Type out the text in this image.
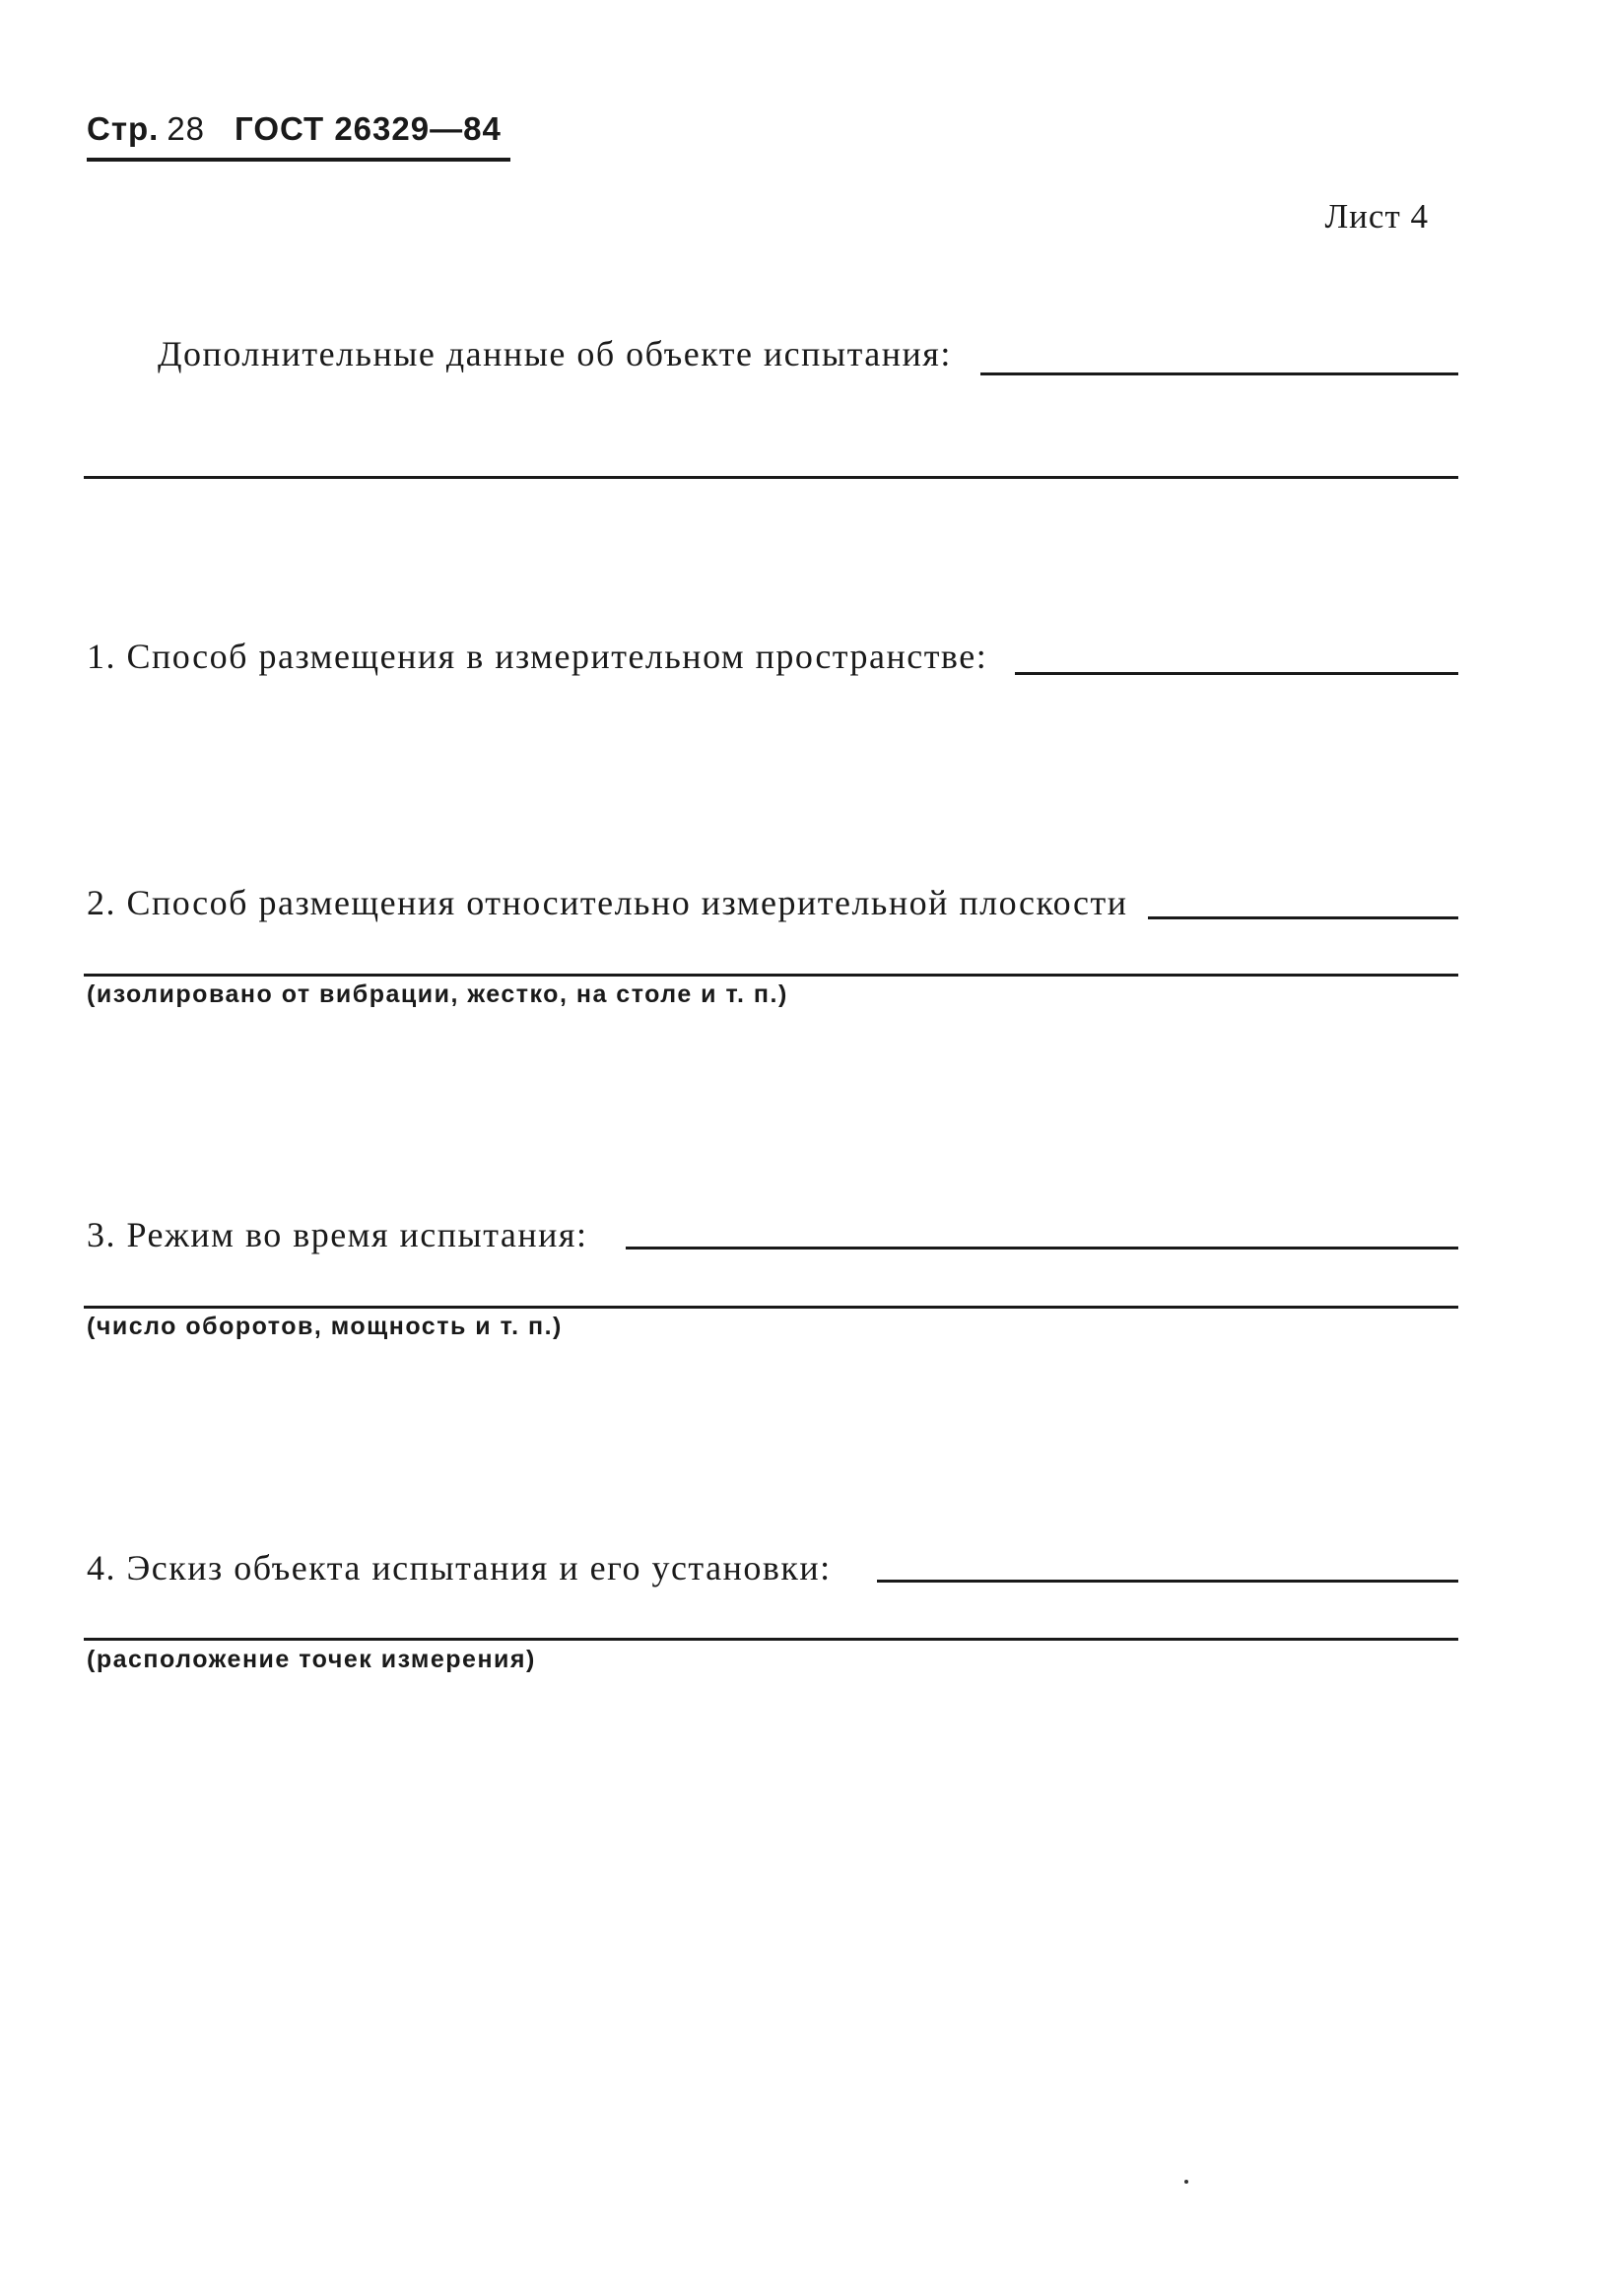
Стр. 28 ГОСТ 26329—84
Лист 4
Дополнительные данные об объекте испытания:
1. Способ размещения в измерительном пространстве:
2. Способ размещения относительно измерительной плоскости
(изолировано от вибрации, жестко, на столе и т. п.)
3. Режим во время испытания:
(число оборотов, мощность и т. п.)
4. Эскиз объекта испытания и его установки:
(расположение точек измерения)
